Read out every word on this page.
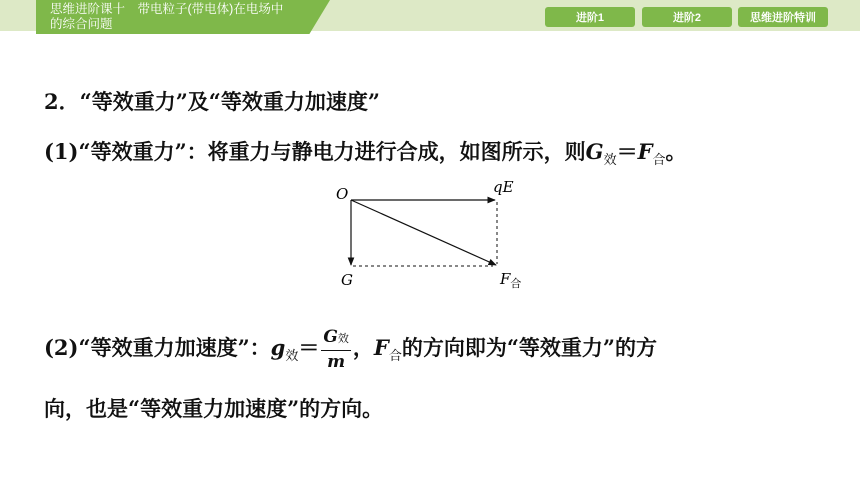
思维进阶课十　带电粒子(带电体)在电场中
的综合问题	进阶1	进阶2	思维进阶特训
2．“等效重力”及“等效重力加速度”
(1)“等效重力”：将重力与静电力进行合成，如图所示，则$G_效=F_合$。
O	qE
G	$F_合$
(2)“等效重力加速度”：$g_效= \frac{\text{G效}}{m}$ ，$F_合$的方向即为“等效重力”的方
向，也是“等效重力加速度”的方向。
